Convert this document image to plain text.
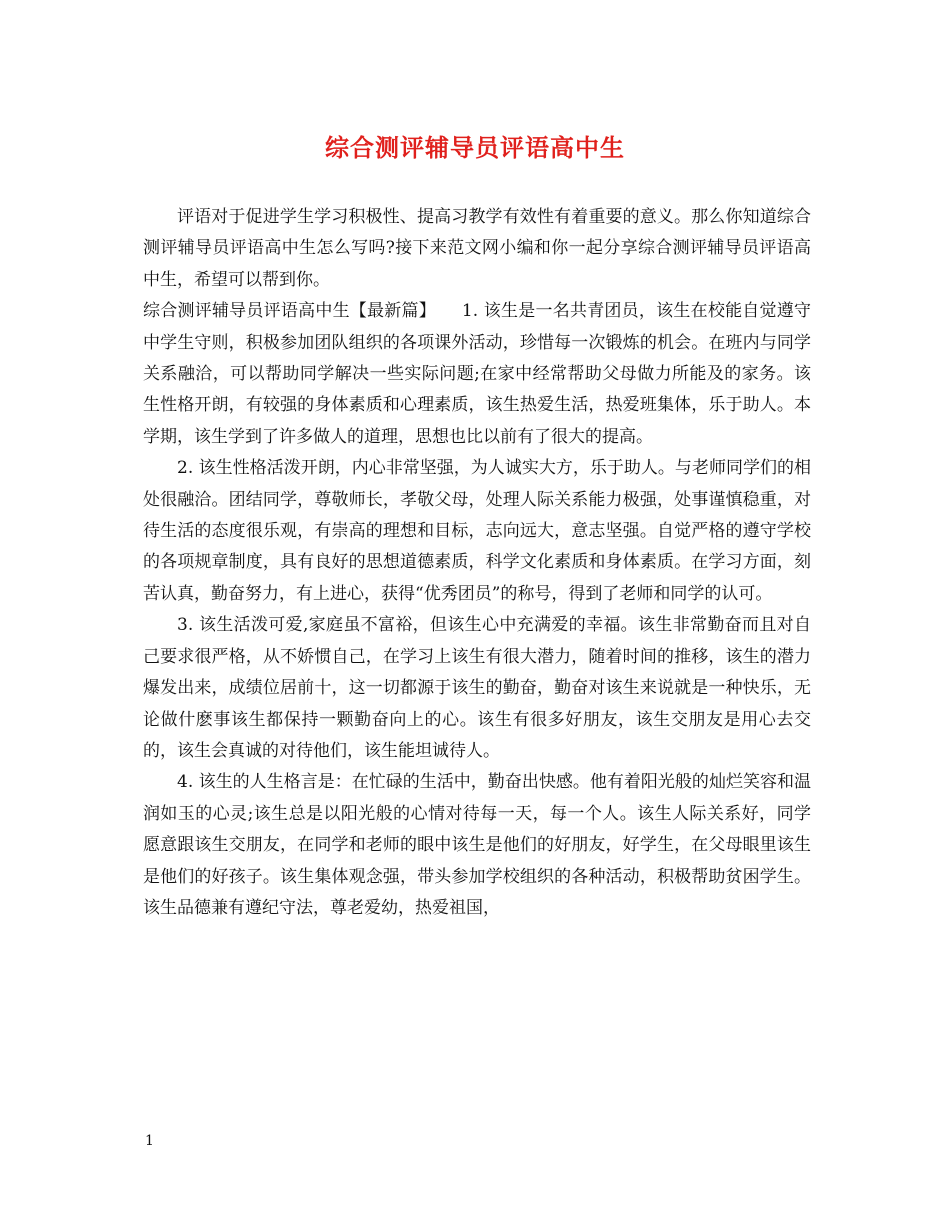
综合测评辅导员评语高中生

评语对于促进学生学习积极性、提高习教学有效性有着重要的意义。那么你知道综合测评辅导员评语高中生怎么写吗?接下来范文网小编和你一起分享综合测评辅导员评语高中生，希望可以帮到你。

综合测评辅导员评语高中生【最新篇】　　1. 该生是一名共青团员，该生在校能自觉遵守中学生守则，积极参加团队组织的各项课外活动，珍惜每一次锻炼的机会。在班内与同学关系融洽，可以帮助同学解决一些实际问题;在家中经常帮助父母做力所能及的家务。该生性格开朗，有较强的身体素质和心理素质，该生热爱生活，热爱班集体，乐于助人。本学期，该生学到了许多做人的道理，思想也比以前有了很大的提高。

2. 该生性格活泼开朗，内心非常坚强，为人诚实大方，乐于助人。与老师同学们的相处很融洽。团结同学，尊敬师长，孝敬父母，处理人际关系能力极强，处事谨慎稳重，对待生活的态度很乐观，有崇高的理想和目标，志向远大，意志坚强。自觉严格的遵守学校的各项规章制度，具有良好的思想道德素质，科学文化素质和身体素质。在学习方面，刻苦认真，勤奋努力，有上进心，获得“优秀团员”的称号，得到了老师和同学的认可。

3. 该生活泼可爱,家庭虽不富裕，但该生心中充满爱的幸福。该生非常勤奋而且对自己要求很严格，从不娇惯自己，在学习上该生有很大潜力，随着时间的推移，该生的潜力爆发出来，成绩位居前十，这一切都源于该生的勤奋，勤奋对该生来说就是一种快乐，无论做什麽事该生都保持一颗勤奋向上的心。该生有很多好朋友，该生交朋友是用心去交的，该生会真诚的对待他们，该生能坦诚待人。

4. 该生的人生格言是：在忙碌的生活中，勤奋出快感。他有着阳光般的灿烂笑容和温润如玉的心灵;该生总是以阳光般的心情对待每一天，每一个人。该生人际关系好，同学愿意跟该生交朋友，在同学和老师的眼中该生是他们的好朋友，好学生，在父母眼里该生是他们的好孩子。该生集体观念强，带头参加学校组织的各种活动，积极帮助贫困学生。该生品德兼有遵纪守法，尊老爱幼，热爱祖国，

1
